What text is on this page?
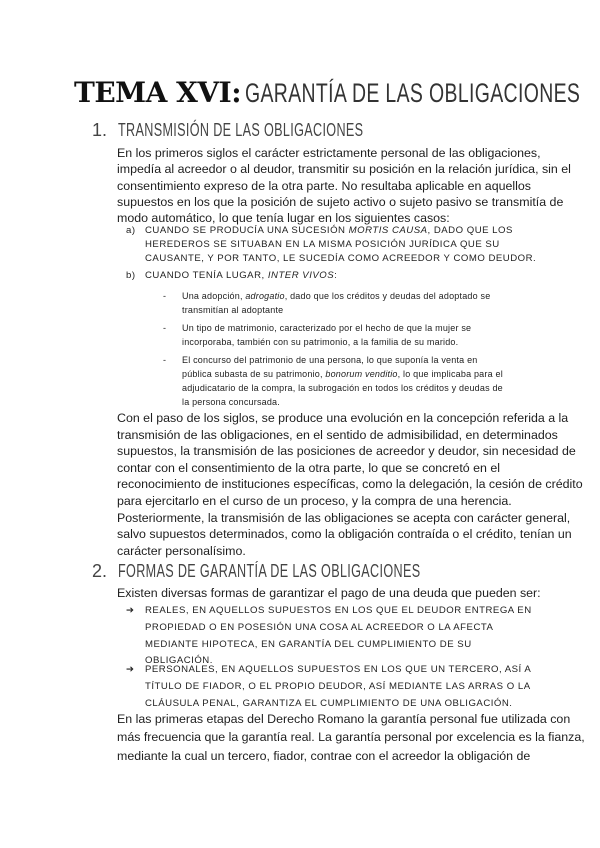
TEMA XVI: GARANTÍA DE LAS OBLIGACIONES
1. TRANSMISIÓN DE LAS OBLIGACIONES
En los primeros siglos el carácter estrictamente personal de las obligaciones,
impedía al acreedor o al deudor, transmitir su posición en la relación jurídica, sin el
consentimiento expreso de la otra parte. No resultaba aplicable en aquellos
supuestos en los que la posición de sujeto activo o sujeto pasivo se transmitía de
modo automático, lo que tenía lugar en los siguientes casos:
a) CUANDO SE PRODUCÍA UNA SUCESIÓN MORTIS CAUSA, DADO QUE LOS
HEREDEROS SE SITUABAN EN LA MISMA POSICIÓN JURÍDICA QUE SU
CAUSANTE, Y POR TANTO, LE SUCEDÍA COMO ACREEDOR Y COMO DEUDOR.
b) CUANDO TENÍA LUGAR, INTER VIVOS:
- Una adopción, adrogatio, dado que los créditos y deudas del adoptado se
transmitían al adoptante
- Un tipo de matrimonio, caracterizado por el hecho de que la mujer se
incorporaba, también con su patrimonio, a la familia de su marido.
- El concurso del patrimonio de una persona, lo que suponía la venta en
pública subasta de su patrimonio, bonorum venditio, lo que implicaba para el
adjudicatario de la compra, la subrogación en todos los créditos y deudas de
la persona concursada.
Con el paso de los siglos, se produce una evolución en la concepción referida a la
transmisión de las obligaciones, en el sentido de admisibilidad, en determinados
supuestos, la transmisión de las posiciones de acreedor y deudor, sin necesidad de
contar con el consentimiento de la otra parte, lo que se concretó en el
reconocimiento de instituciones específicas, como la delegación, la cesión de crédito
para ejercitarlo en el curso de un proceso, y la compra de una herencia.
Posteriormente, la transmisión de las obligaciones se acepta con carácter general,
salvo supuestos determinados, como la obligación contraída o el crédito, tenían un
carácter personalísimo.
2. FORMAS DE GARANTÍA DE LAS OBLIGACIONES
Existen diversas formas de garantizar el pago de una deuda que pueden ser:
➔ REALES, EN AQUELLOS SUPUESTOS EN LOS QUE EL DEUDOR ENTREGA EN
PROPIEDAD O EN POSESIÓN UNA COSA AL ACREEDOR O LA AFECTA
MEDIANTE HIPOTECA, EN GARANTÍA DEL CUMPLIMIENTO DE SU
OBLIGACIÓN.
➔ PERSONALES, EN AQUELLOS SUPUESTOS EN LOS QUE UN TERCERO, ASÍ A
TÍTULO DE FIADOR, O EL PROPIO DEUDOR, ASÍ MEDIANTE LAS ARRAS O LA
CLÁUSULA PENAL, GARANTIZA EL CUMPLIMIENTO DE UNA OBLIGACIÓN.
En las primeras etapas del Derecho Romano la garantía personal fue utilizada con
más frecuencia que la garantía real. La garantía personal por excelencia es la fianza,
mediante la cual un tercero, fiador, contrae con el acreedor la obligación de
